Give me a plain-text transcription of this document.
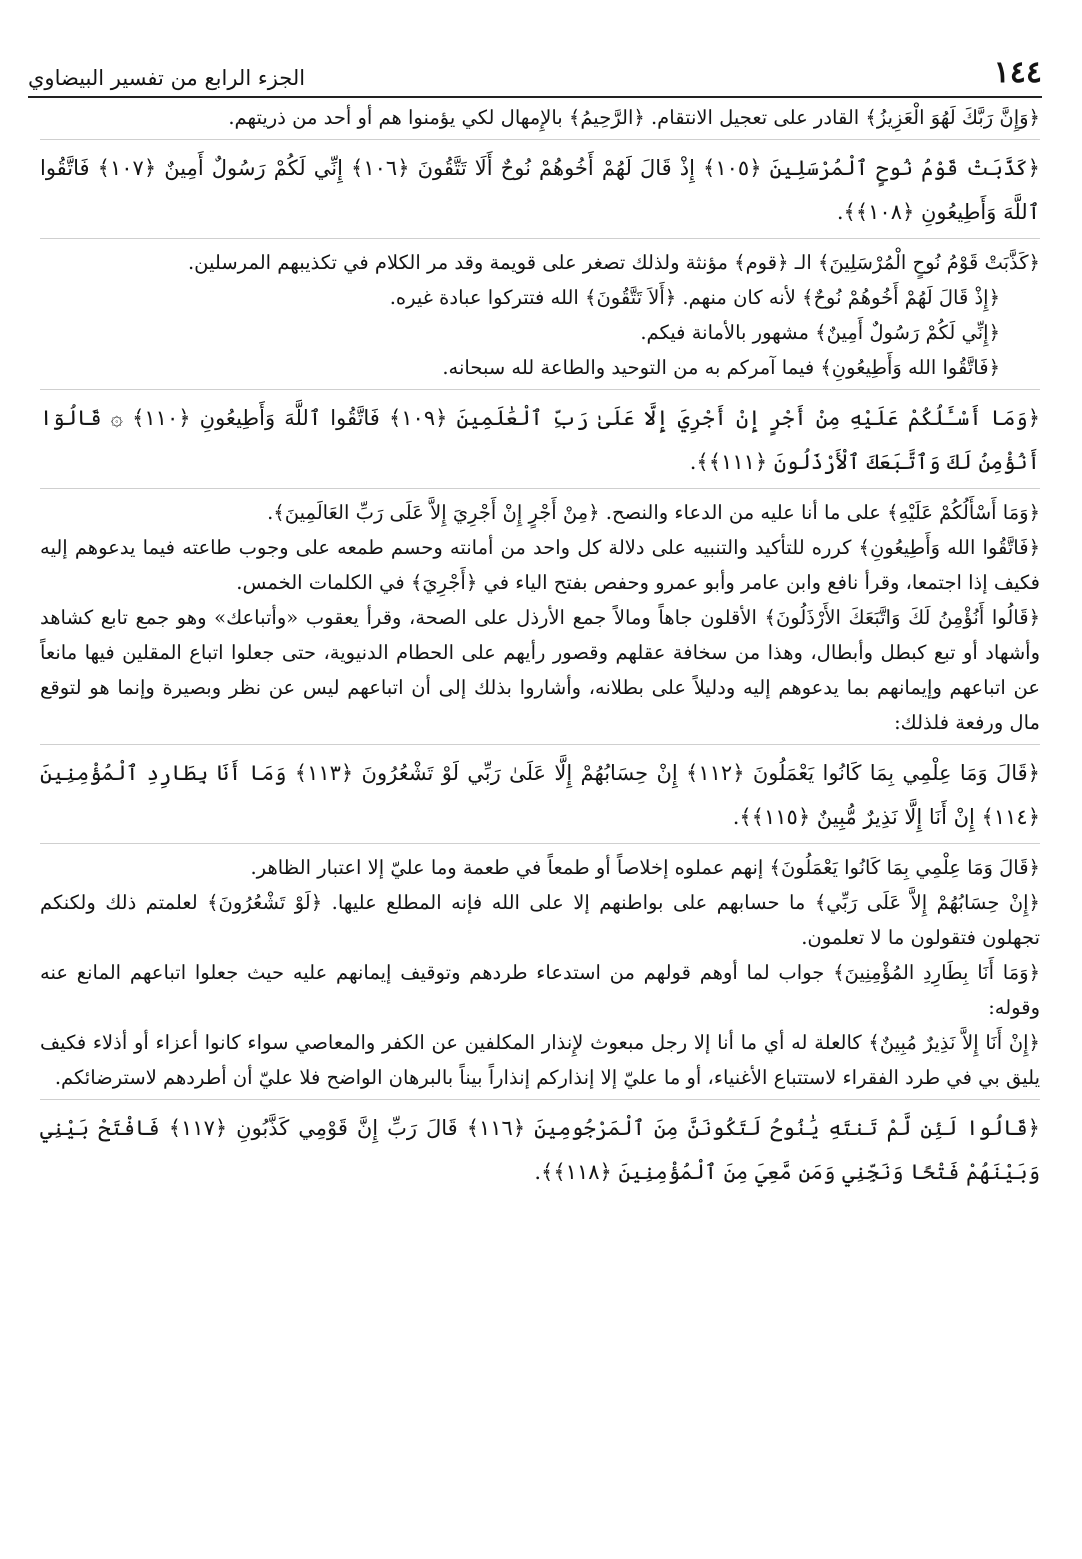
١٤٤
الجزء الرابع من تفسير البيضاوي

﴿وَإِنَّ رَبَّكَ لَهُوَ الْعَزِيزُ﴾ القادر على تعجيل الانتقام. ﴿الرَّحِيمُ﴾ بالإِمهال لكي يؤمنوا هم أو أحد من ذريتهم.

﴿كَذَّبَتْ قَوْمُ نُوحٍ ٱلْمُرْسَلِينَ ﴿١٠٥﴾ إِذْ قَالَ لَهُمْ أَخُوهُمْ نُوحٌ أَلَا تَتَّقُونَ ﴿١٠٦﴾ إِنِّي لَكُمْ رَسُولٌ أَمِينٌ ﴿١٠٧﴾ فَاتَّقُوا ٱللَّهَ وَأَطِيعُونِ ﴿١٠٨﴾﴾.

﴿كَذَّبَتْ قَوْمُ نُوحٍ الْمُرْسَلِينَ﴾ الـ ﴿قوم﴾ مؤنثة ولذلك تصغر على قويمة وقد مر الكلام في تكذيبهم المرسلين.

﴿إِذْ قَالَ لَهُمْ أَخُوهُمْ نُوحٌ﴾ لأنه كان منهم. ﴿أَلاَ تَتَّقُونَ﴾ الله فتتركوا عبادة غيره.

﴿إِنِّي لَكُمْ رَسُولٌ أَمِينٌ﴾ مشهور بالأمانة فيكم.

﴿فَاتَّقُوا الله وَأَطِيعُونِ﴾ فيما آمركم به من التوحيد والطاعة لله سبحانه.

﴿وَمَا أَسْـَٔلُكُمْ عَلَيْهِ مِنْ أَجْرٍ إِنْ أَجْرِيَ إِلَّا عَلَىٰ رَبِّ ٱلْعَٰلَمِينَ ﴿١٠٩﴾ فَاتَّقُوا ٱللَّهَ وَأَطِيعُونِ ﴿١١٠﴾ ۞ قَالُوٓا أَنُؤْمِنُ لَكَ وَٱتَّبَعَكَ ٱلْأَرْذَلُونَ ﴿١١١﴾﴾.

﴿وَمَا أَسْأَلُكُمْ عَلَيْهِ﴾ على ما أنا عليه من الدعاء والنصح. ﴿مِنْ أَجْرٍ إِنْ أَجْرِيَ إِلاَّ عَلَى رَبِّ العَالَمِينَ﴾.

﴿فَاتَّقُوا الله وَأَطِيعُونِ﴾ كرره للتأكيد والتنبيه على دلالة كل واحد من أمانته وحسم طمعه على وجوب طاعته فيما يدعوهم إليه فكيف إذا اجتمعا، وقرأ نافع وابن عامر وأبو عمرو وحفص بفتح الياء في ﴿أَجْرِيَ﴾ في الكلمات الخمس.

﴿قَالُوا أَنُؤْمِنُ لَكَ وَاتَّبَعَكَ الأَرْذَلُونَ﴾ الأقلون جاهاً ومالاً جمع الأرذل على الصحة، وقرأ يعقوب «وأتباعك» وهو جمع تابع كشاهد وأشهاد أو تبع كبطل وأبطال، وهذا من سخافة عقلهم وقصور رأيهم على الحطام الدنيوية، حتى جعلوا اتباع المقلين فيها مانعاً عن اتباعهم وإيمانهم بما يدعوهم إليه ودليلاً على بطلانه، وأشاروا بذلك إلى أن اتباعهم ليس عن نظر وبصيرة وإنما هو لتوقع مال ورفعة فلذلك:

﴿قَالَ وَمَا عِلْمِي بِمَا كَانُوا يَعْمَلُونَ ﴿١١٢﴾ إِنْ حِسَابُهُمْ إِلَّا عَلَىٰ رَبِّي لَوْ تَشْعُرُونَ ﴿١١٣﴾ وَمَا أَنَا بِطَارِدِ ٱلْمُؤْمِنِينَ ﴿١١٤﴾ إِنْ أَنَا إِلَّا نَذِيرٌ مُّبِينٌ ﴿١١٥﴾﴾.

﴿قَالَ وَمَا عِلْمِي بِمَا كَانُوا يَعْمَلُونَ﴾ إنهم عملوه إخلاصاً أو طمعاً في طعمة وما عليّ إلا اعتبار الظاهر.

﴿إِنْ حِسَابُهُمْ إِلاَّ عَلَى رَبِّي﴾ ما حسابهم على بواطنهم إلا على الله فإنه المطلع عليها. ﴿لَوْ تَشْعُرُونَ﴾ لعلمتم ذلك ولكنكم تجهلون فتقولون ما لا تعلمون.

﴿وَمَا أَنَا بِطَارِدِ المُؤْمِنِينَ﴾ جواب لما أوهم قولهم من استدعاء طردهم وتوقيف إيمانهم عليه حيث جعلوا اتباعهم المانع عنه وقوله:

﴿إِنْ أَنَا إِلاَّ نَذِيرٌ مُبِينٌ﴾ كالعلة له أي ما أنا إلا رجل مبعوث لإِنذار المكلفين عن الكفر والمعاصي سواء كانوا أعزاء أو أذلاء فكيف يليق بي في طرد الفقراء لاستتباع الأغنياء، أو ما عليّ إلا إنذاركم إنذاراً بيناً بالبرهان الواضح فلا عليّ أن أطردهم لاسترضائكم.

﴿قَالُوا لَئِن لَّمْ تَنتَهِ يَٰنُوحُ لَتَكُونَنَّ مِنَ ٱلْمَرْجُومِينَ ﴿١١٦﴾ قَالَ رَبِّ إِنَّ قَوْمِي كَذَّبُونِ ﴿١١٧﴾ فَافْتَحْ بَيْنِي وَبَيْنَهُمْ فَتْحًا وَنَجِّنِي وَمَن مَّعِيَ مِنَ ٱلْمُؤْمِنِينَ ﴿١١٨﴾﴾.
